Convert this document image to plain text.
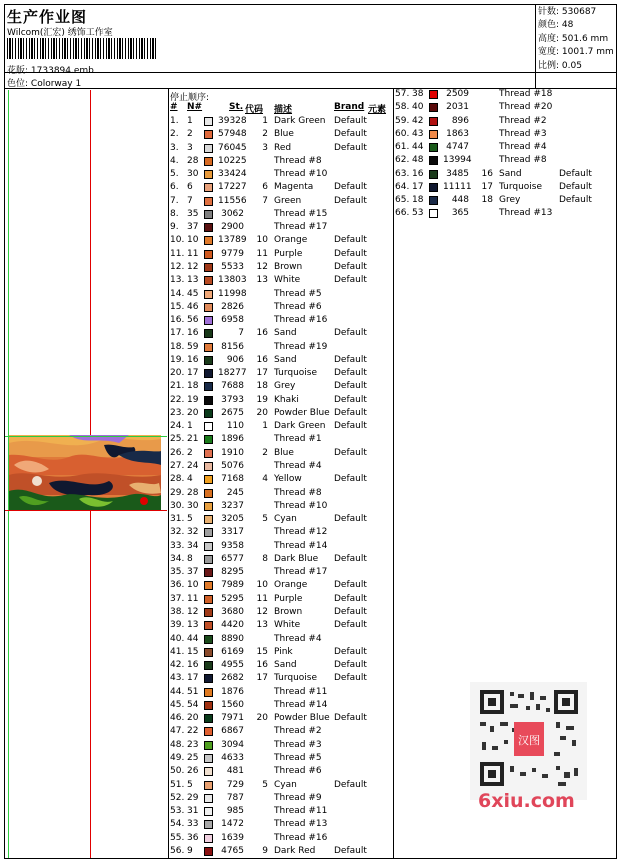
生产作业图
Wilcom(汇宏) 绣饰工作室
花版: 1733894.emb
色位: Colorway 1
针数: 530687
颜色: 48
高度: 501.6 mm
宽度: 1001.7 mm
比例: 0.05
停止顺序:
# N#	St. 代码 描述	Brand 元素
1. 1	39328	1 Dark Green Default
2. 2	57948	2 Blue	Default
3. 3	76045	3 Red	Default
4. 28 10225	Thread #8
5. 30 33424	Thread #10
6. 6	17227	6 Magenta Default
7. 7	11556	7 Green	Default
8. 35	3062	Thread #15
9. 37	2900	Thread #17
10. 10 13789	10 Orange	Default
11. 11	9779	11 Purple	Default
12. 12	5533	12 Brown	Default
13. 13 13803	13 White	Default
14. 45 11998	Thread #5
15. 46	2826	Thread #6
16. 56	6958	Thread #16
17. 16	7	16 Sand	Default
18. 59	8156	Thread #19
19. 16	906	16 Sand	Default
20. 17 18277	17 Turquoise Default
21. 18	7688	18 Grey	Default
22. 19	3793	19 Khaki	Default
23. 20	2675	20 Powder Blue Default
24. 1	110	1 Dark Green Default
25. 21	1896	Thread #1
26. 2	1910	2 Blue	Default
27. 24	5076	Thread #4
28. 4	7168	4 Yellow	Default
29. 28	245	Thread #8
30. 30	3237	Thread #10
31. 5	3205	5 Cyan	Default
32. 32	3317	Thread #12
33. 34	9358	Thread #14
34. 8	6577	8 Dark Blue Default
35. 37	8295	Thread #17
36. 10	7989	10 Orange	Default
37. 11	5295	11 Purple	Default
38. 12	3680	12 Brown	Default
39. 13	4420	13 White	Default
40. 44	8890	Thread #4
41. 15	6169	15 Pink	Default
42. 16	4955	16 Sand	Default
43. 17	2682	17 Turquoise Default
44. 51	1876	Thread #11
45. 54	1560	Thread #14
46. 20	7971	20 Powder Blue Default
47. 22	6867	Thread #2
48. 23	3094	Thread #3
49. 25	4633	Thread #5
50. 26	481	Thread #6
51. 5	729	5 Cyan	Default
52. 29	787	Thread #9
53. 31	985	Thread #11
54. 33	1472	Thread #13
55. 36	1639	Thread #16
56. 9	4765	9 Dark Red Default
57. 38	2509	Thread #18
58. 40	2031	Thread #20
59. 42	896	Thread #2
60. 43	1863	Thread #3
61. 44	4747	Thread #4
62. 48 13994	Thread #8
63. 16	3485	16 Sand	Default
64. 17 11111	17 Turquoise Default
65. 18	448	18 Grey	Default
66. 53	365	Thread #13
汉图
6xiu.com
